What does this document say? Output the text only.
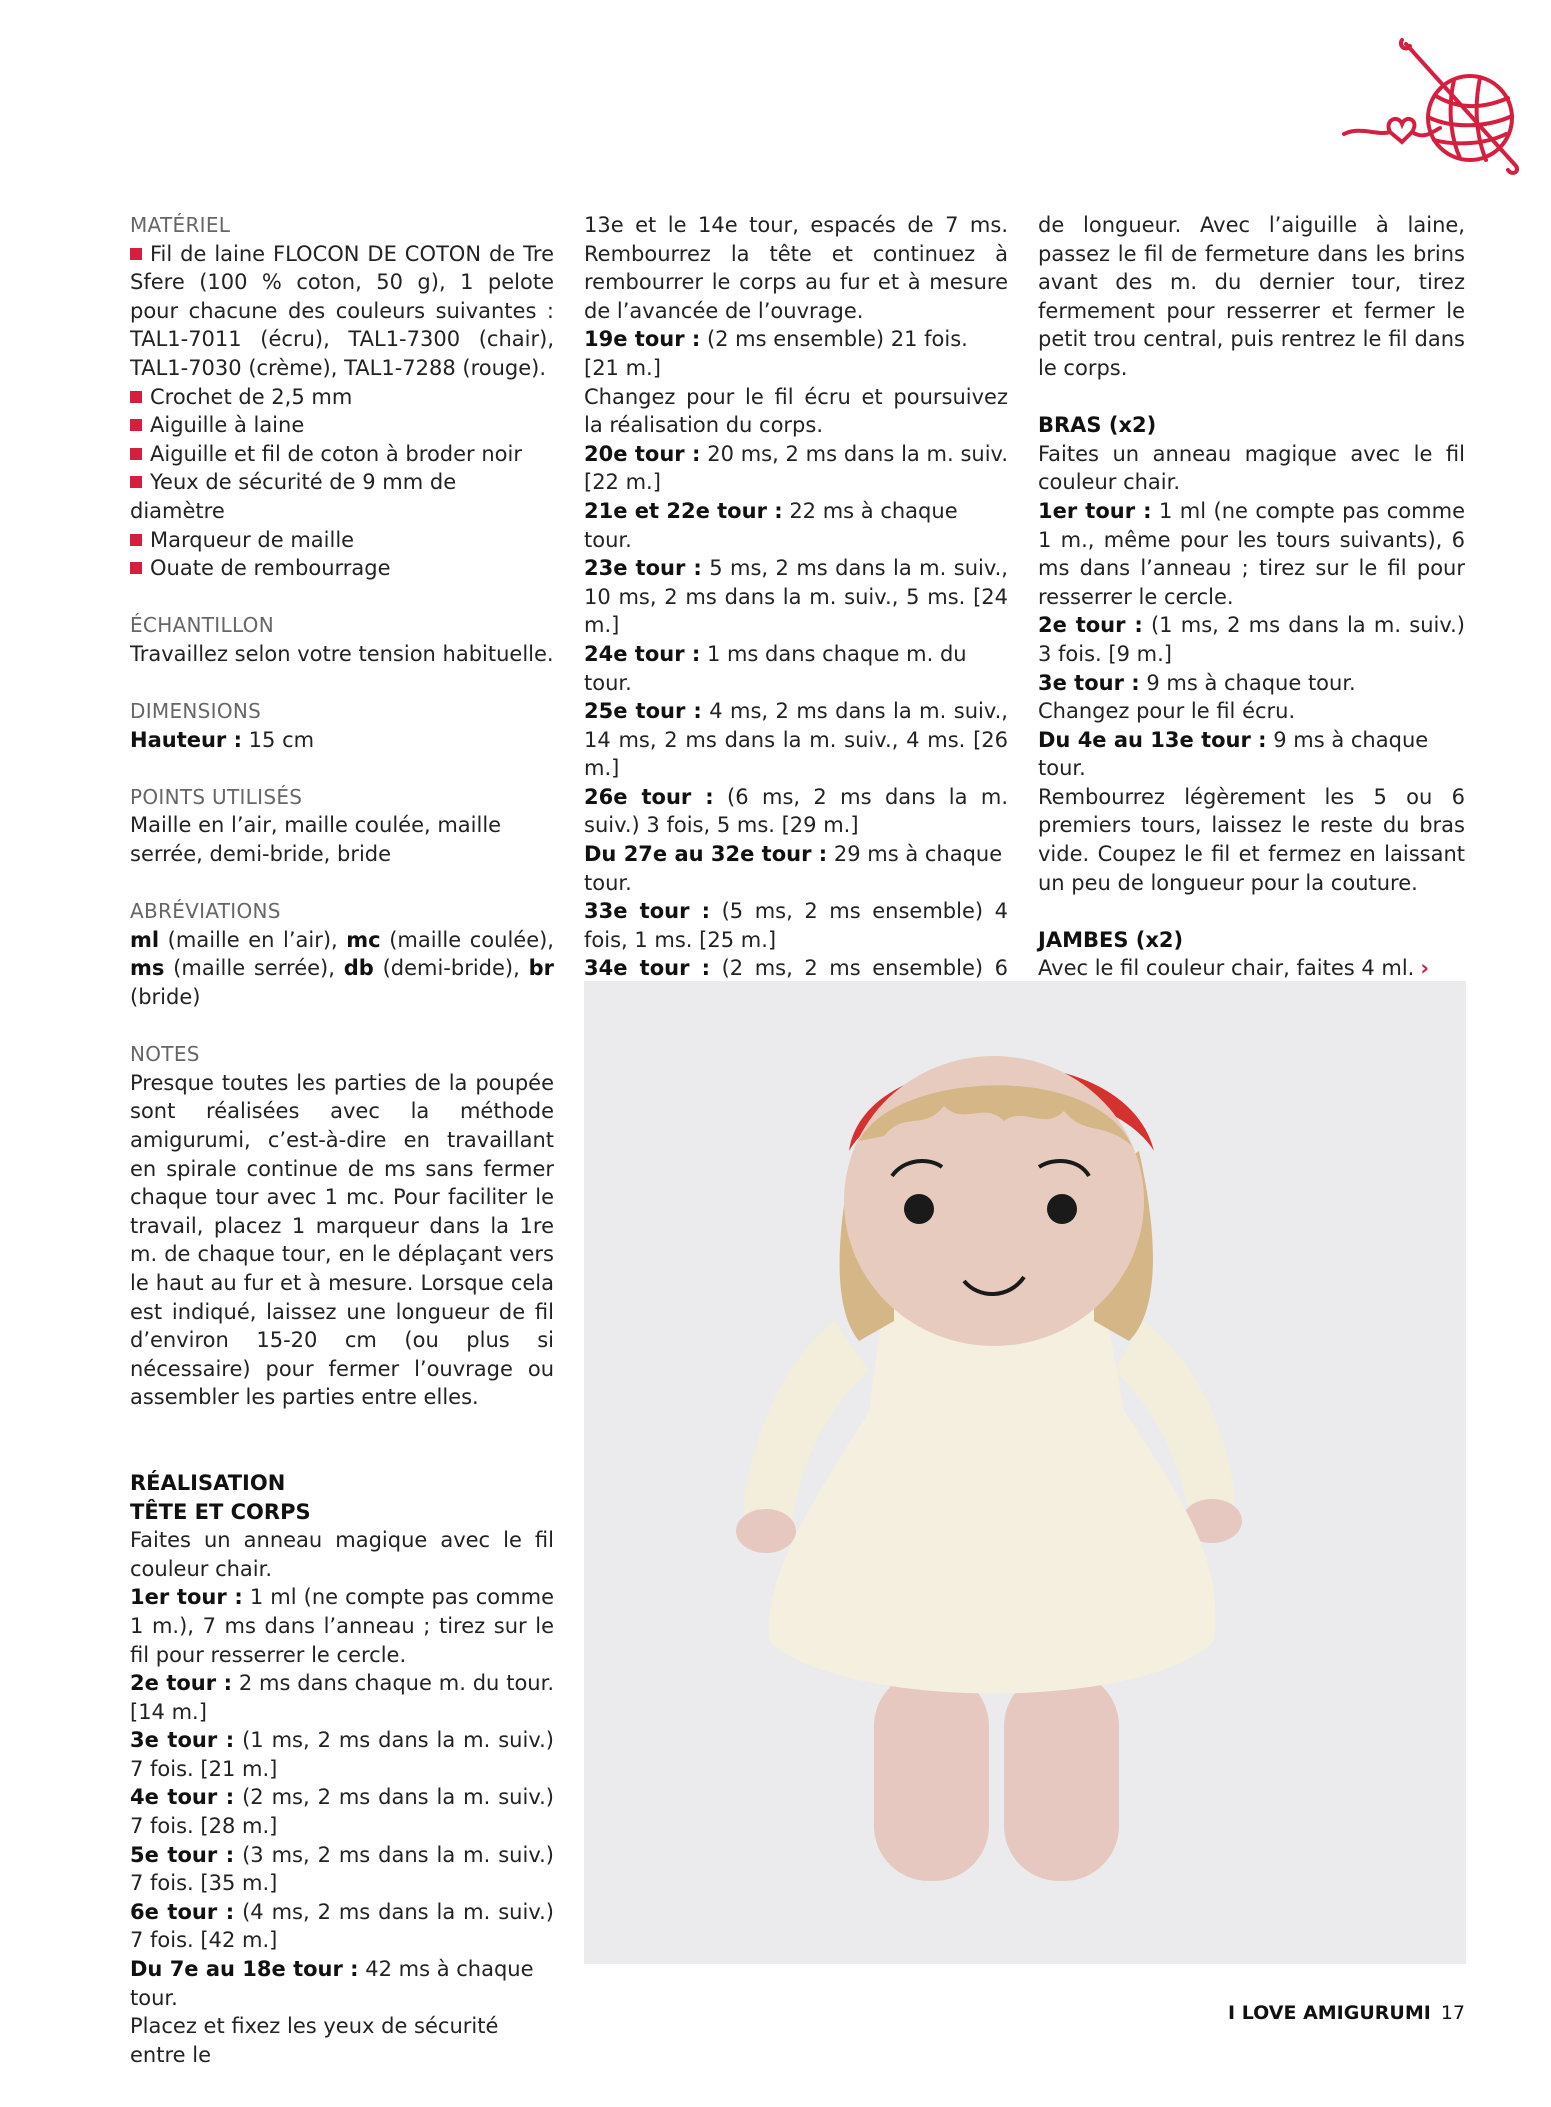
MATÉRIEL

Fil de laine FLOCON DE COTON de Tre Sfere (100 % coton, 50 g), 1 pelote pour chacune des couleurs suivantes : TAL1-7011 (écru), TAL1-7300 (chair), TAL1-7030 (crème), TAL1-7288 (rouge).

Crochet de 2,5 mm

Aiguille à laine

Aiguille et fil de coton à broder noir

Yeux de sécurité de 9 mm de diamètre

Marqueur de maille

Ouate de rembourrage

ÉCHANTILLON

Travaillez selon votre tension habituelle.

DIMENSIONS

Hauteur : 15 cm

POINTS UTILISÉS

Maille en l’air, maille coulée, maille serrée, demi-bride, bride

ABRÉVIATIONS

ml (maille en l’air), mc (maille coulée), ms (maille serrée), db (demi-bride), br (bride)

NOTES

Presque toutes les parties de la poupée sont réalisées avec la méthode amigurumi, c’est-à-dire en travaillant en spirale continue de ms sans fermer chaque tour avec 1 mc. Pour faciliter le travail, placez 1 marqueur dans la 1re m. de chaque tour, en le déplaçant vers le haut au fur et à mesure. Lorsque cela est indiqué, laissez une longueur de fil d’environ 15-20 cm (ou plus si nécessaire) pour fermer l’ouvrage ou assembler les parties entre elles.

RÉALISATION

TÊTE ET CORPS

Faites un anneau magique avec le fil couleur chair.

1er tour : 1 ml (ne compte pas comme 1 m.), 7 ms dans l’anneau ; tirez sur le fil pour resserrer le cercle.

2e tour : 2 ms dans chaque m. du tour. [14 m.]

3e tour : (1 ms, 2 ms dans la m. suiv.) 7 fois. [21 m.]

4e tour : (2 ms, 2 ms dans la m. suiv.) 7 fois. [28 m.]

5e tour : (3 ms, 2 ms dans la m. suiv.) 7 fois. [35 m.]

6e tour : (4 ms, 2 ms dans la m. suiv.) 7 fois. [42 m.]

Du 7e au 18e tour : 42 ms à chaque tour.

Placez et fixez les yeux de sécurité entre le

13e et le 14e tour, espacés de 7 ms. Rembourrez la tête et continuez à rembourrer le corps au fur et à mesure de l’avancée de l’ouvrage.

19e tour : (2 ms ensemble) 21 fois. [21 m.]

Changez pour le fil écru et poursuivez la réalisation du corps.

20e tour : 20 ms, 2 ms dans la m. suiv. [22 m.]

21e et 22e tour : 22 ms à chaque tour.

23e tour : 5 ms, 2 ms dans la m. suiv., 10 ms, 2 ms dans la m. suiv., 5 ms. [24 m.]

24e tour : 1 ms dans chaque m. du tour.

25e tour : 4 ms, 2 ms dans la m. suiv., 14 ms, 2 ms dans la m. suiv., 4 ms. [26 m.]

26e tour : (6 ms, 2 ms dans la m. suiv.) 3 fois, 5 ms. [29 m.]

Du 27e au 32e tour : 29 ms à chaque tour.

33e tour : (5 ms, 2 ms ensemble) 4 fois, 1 ms. [25 m.]

34e tour : (2 ms, 2 ms ensemble) 6

de longueur. Avec l’aiguille à laine, passez le fil de fermeture dans les brins avant des m. du dernier tour, tirez fermement pour resserrer et fermer le petit trou central, puis rentrez le fil dans le corps.

BRAS (x2)

Faites un anneau magique avec le fil couleur chair.

1er tour : 1 ml (ne compte pas comme 1 m., même pour les tours suivants), 6 ms dans l’anneau ; tirez sur le fil pour resserrer le cercle.

2e tour : (1 ms, 2 ms dans la m. suiv.) 3 fois. [9 m.]

3e tour : 9 ms à chaque tour.

Changez pour le fil écru.

Du 4e au 13e tour : 9 ms à chaque tour.

Rembourrez légèrement les 5 ou 6 premiers tours, laissez le reste du bras vide. Coupez le fil et fermez en laissant un peu de longueur pour la couture.

JAMBES (x2)

Avec le fil couleur chair, faites 4 ml. ›

I LOVE AMIGURUMI 17
